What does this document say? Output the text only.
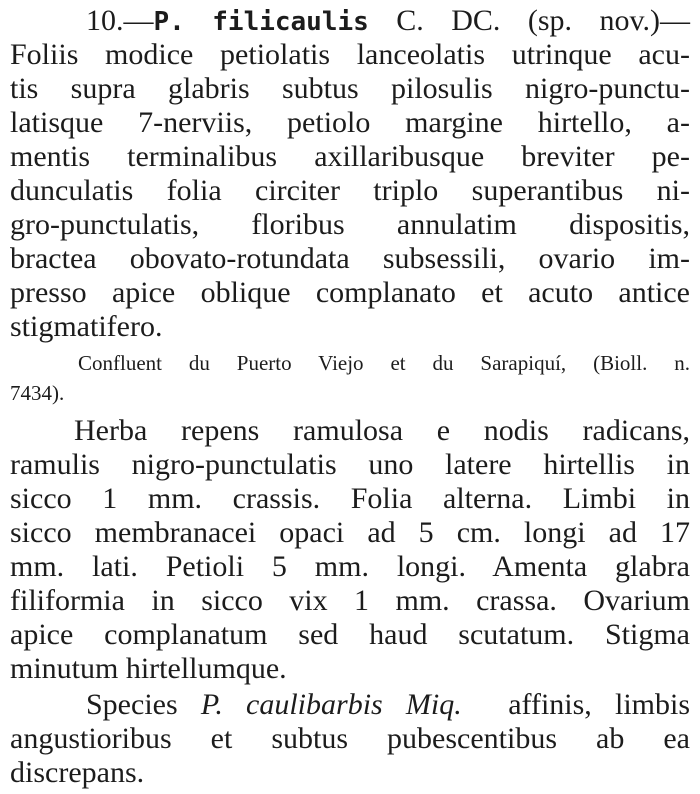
10.—P. filicaulis C. DC. (sp. nov.)—
Foliis modice petiolatis lanceolatis utrinque acu-
tis supra glabris subtus pilosulis nigro-punctu-
latisque 7-nerviis, petiolo margine hirtello, a-
mentis terminalibus axillaribusque breviter pe-
dunculatis folia circiter triplo superantibus ni-
gro-punctulatis, floribus annulatim dispositis,
bractea obovato-rotundata subsessili, ovario im-
presso apice oblique complanato et acuto antice
stigmatifero.
Confluent du Puerto Viejo et du Sarapiquí, (Bioll. n.
7434).
Herba repens ramulosa e nodis radicans,
ramulis nigro-punctulatis uno latere hirtellis in
sicco 1 mm. crassis. Folia alterna. Limbi in
sicco membranacei opaci ad 5 cm. longi ad 17
mm. lati. Petioli 5 mm. longi. Amenta glabra
filiformia in sicco vix 1 mm. crassa. Ovarium
apice complanatum sed haud scutatum. Stigma
minutum hirtellumque.
Species P. caulibarbis Miq. affinis, limbis
angustioribus et subtus pubescentibus ab ea
discrepans.
